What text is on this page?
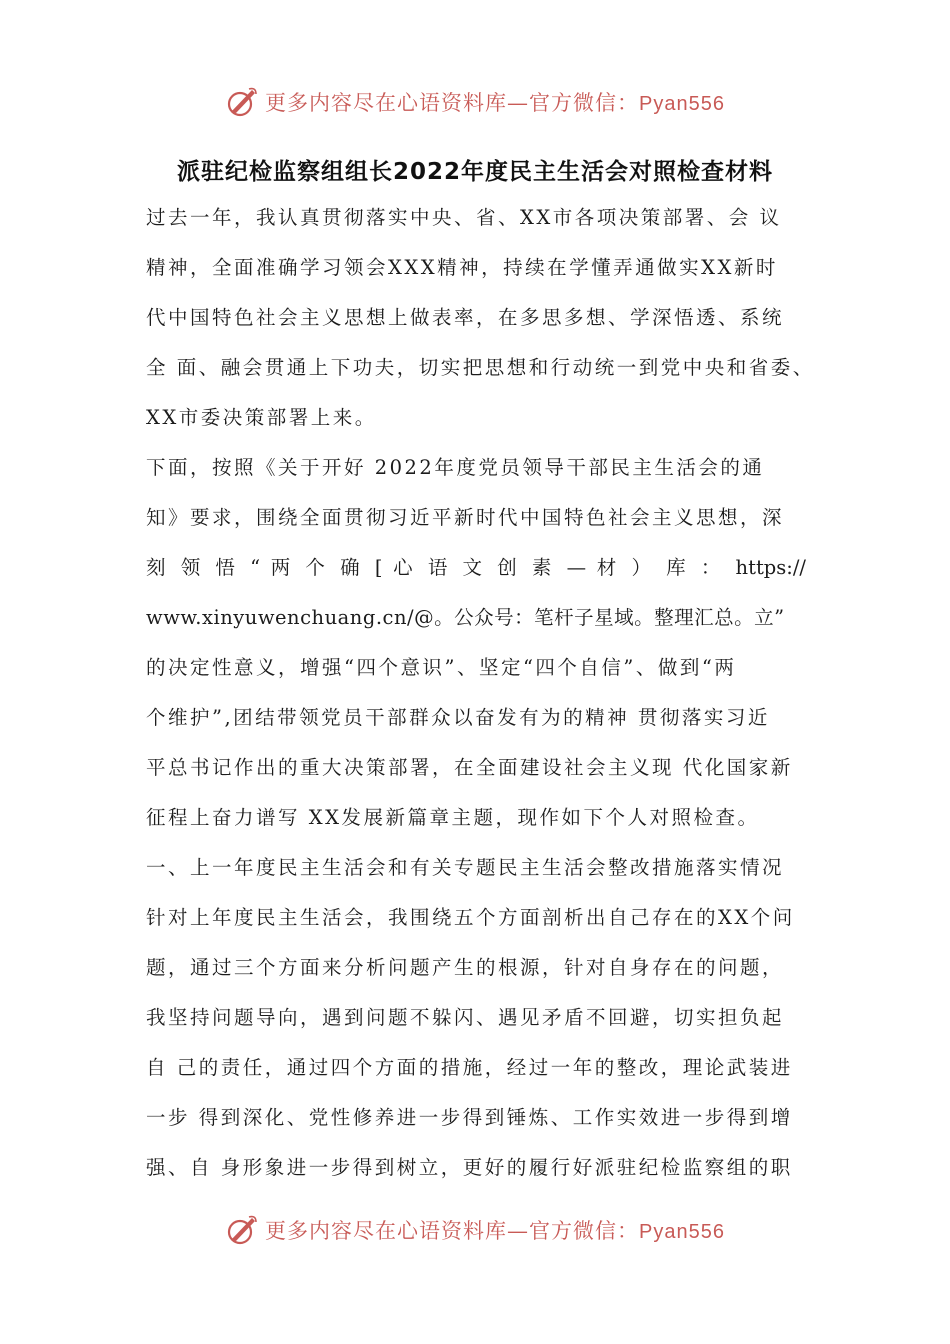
更多内容尽在心语资料库—官方微信：Pyan556
派驻纪检监察组组长2022年度民主生活会对照检查材料
过去一年，我认真贯彻落实中央、省、XX市各项决策部署、会 议
精神，全面准确学习领会XXX精神，持续在学懂弄通做实XX新时
代中国特色社会主义思想上做表率，在多思多想、学深悟透、系统
全 面、融会贯通上下功夫，切实把思想和行动统一到党中央和省委、
XX市委决策部署上来。
下面，按照《关于开好 2022年度党员领导干部民主生活会的通
知》要求，围绕全面贯彻习近平新时代中国特色社会主义思想，深
刻 领 悟 “ 两 个 确 [ 心 语 文 创 素 — 材 ） 库 ： https://
www.xinyuwenchuang.cn/@。公众号：笔杆子星域。整理汇总。立”
的决定性意义，增强“四个意识”、坚定“四个自信”、做到“两
个维护”,团结带领党员干部群众以奋发有为的精神 贯彻落实习近
平总书记作出的重大决策部署，在全面建设社会主义现 代化国家新
征程上奋力谱写 XX发展新篇章主题，现作如下个人对照检查。
一、上一年度民主生活会和有关专题民主生活会整改措施落实情况
针对上年度民主生活会，我围绕五个方面剖析出自己存在的XX个问
题，通过三个方面来分析问题产生的根源，针对自身存在的问题，
我坚持问题导向，遇到问题不躲闪、遇见矛盾不回避，切实担负起
自 己的责任，通过四个方面的措施，经过一年的整改，理论武装进
一步 得到深化、党性修养进一步得到锤炼、工作实效进一步得到增
强、自 身形象进一步得到树立，更好的履行好派驻纪检监察组的职
更多内容尽在心语资料库—官方微信：Pyan556
